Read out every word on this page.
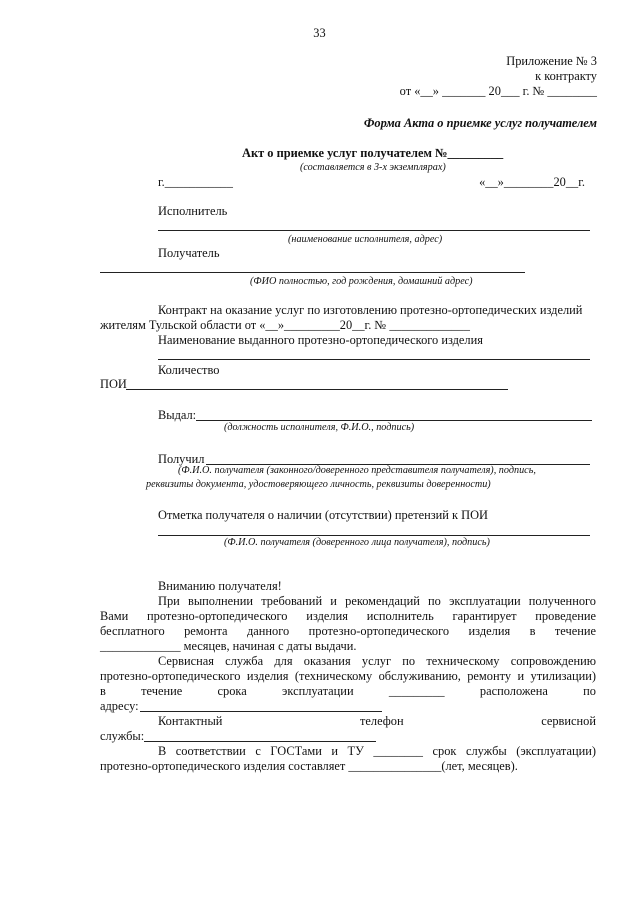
33
Приложение № 3
к контракту
от «__» _______ 20___ г. № ________
Форма Акта о приемке услуг получателем
Акт о приемке услуг получателем №_________
(составляется в 3-х экземплярах)
г.___________	«__»________20__г.
Исполнитель
(наименование исполнителя, адрес)
Получатель
(ФИО полностью, год рождения, домашний адрес)
Контракт на оказание услуг по изготовлению протезно-ортопедических изделий
жителям Тульской области от «__»_________20__г. № _____________
Наименование выданного протезно-ортопедического изделия
Количество
ПОИ
Выдал:
(должность исполнителя, Ф.И.О., подпись)
Получил
(Ф.И.О. получателя (законного/доверенного представителя получателя), подпись,
реквизиты документа, удостоверяющего личность, реквизиты доверенности)
Отметка получателя о наличии (отсутствии) претензий к ПОИ
(Ф.И.О. получателя (доверенного лица получателя), подпись)
Вниманию получателя!
При выполнении требований и рекомендаций по эксплуатации полученного
Вами протезно-ортопедического изделия исполнитель гарантирует проведение
бесплатного ремонта данного протезно-ортопедического изделия в течение
_____________ месяцев, начиная с даты выдачи.
Сервисная служба для оказания услуг по техническому сопровождению
протезно-ортопедического изделия (техническому обслуживанию, ремонту и утилизации)
в течение срока эксплуатации _________ расположена по
адресу:
Контактный телефон сервисной
службы:
В соответствии с ГОСТами и ТУ ________ срок службы (эксплуатации)
протезно-ортопедического изделия составляет _______________(лет, месяцев).
